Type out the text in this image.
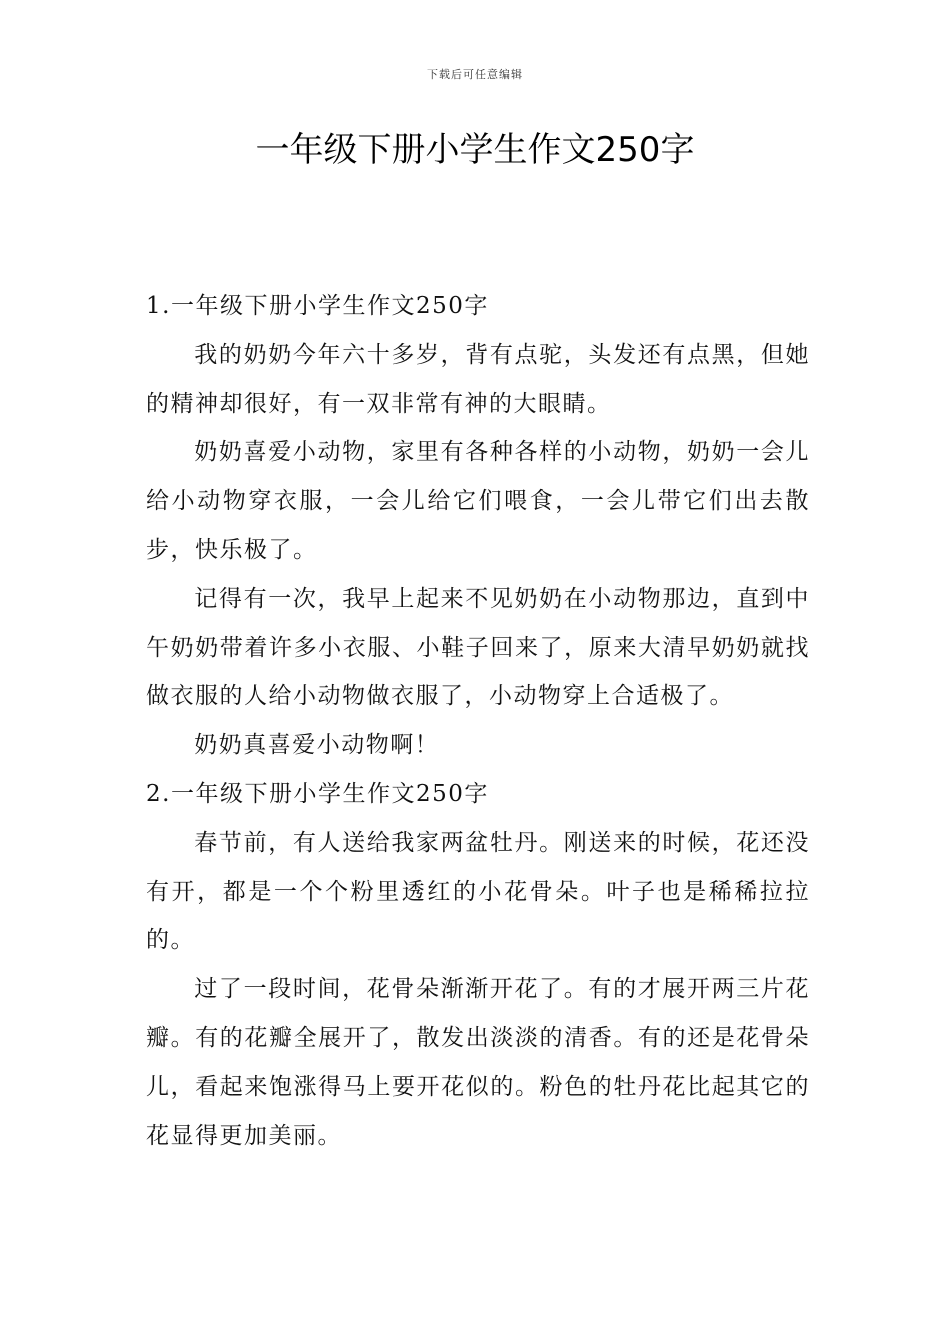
下载后可任意编辑
一年级下册小学生作文250字

1.一年级下册小学生作文250字

我的奶奶今年六十多岁，背有点驼，头发还有点黑，但她的精神却很好，有一双非常有神的大眼睛。

奶奶喜爱小动物，家里有各种各样的小动物，奶奶一会儿给小动物穿衣服，一会儿给它们喂食，一会儿带它们出去散步，快乐极了。

记得有一次，我早上起来不见奶奶在小动物那边，直到中午奶奶带着许多小衣服、小鞋子回来了，原来大清早奶奶就找做衣服的人给小动物做衣服了，小动物穿上合适极了。

奶奶真喜爱小动物啊！

2.一年级下册小学生作文250字

春节前，有人送给我家两盆牡丹。刚送来的时候，花还没有开，都是一个个粉里透红的小花骨朵。叶子也是稀稀拉拉的。

过了一段时间，花骨朵渐渐开花了。有的才展开两三片花瓣。有的花瓣全展开了，散发出淡淡的清香。有的还是花骨朵儿，看起来饱涨得马上要开花似的。粉色的牡丹花比起其它的花显得更加美丽。
